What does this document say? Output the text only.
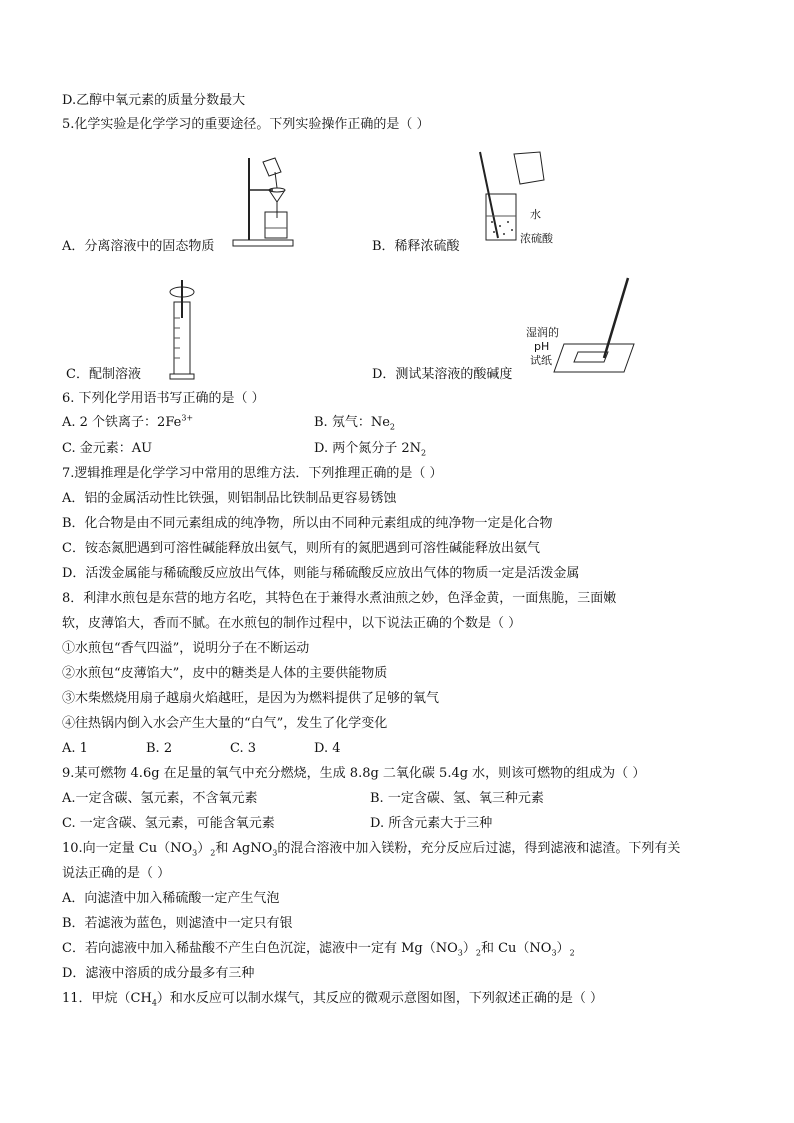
D.乙醇中氧元素的质量分数最大
5.化学实验是化学学习的重要途径。下列实验操作正确的是（ ）
A．分离溶液中的固态物质
水
浓硫酸
B．稀释浓硫酸
C．配制溶液
湿润的
pH
试纸
D．测试某溶液的酸碱度
6. 下列化学用语书写正确的是（ ）
A. 2 个铁离子：$2Fe^{3+}$	B. 氖气：$Ne_2$
C. 金元素：AU	D. 两个氮分子 $2N_2$
7.逻辑推理是化学学习中常用的思维方法．下列推理正确的是（ ）
A．铝的金属活动性比铁强，则铝制品比铁制品更容易锈蚀
B．化合物是由不同元素组成的纯净物，所以由不同种元素组成的纯净物一定是化合物
C．铵态氮肥遇到可溶性碱能释放出氨气，则所有的氮肥遇到可溶性碱能释放出氨气
D．活泼金属能与稀硫酸反应放出气体，则能与稀硫酸反应放出气体的物质一定是活泼金属
8．利津水煎包是东营的地方名吃，其特色在于兼得水煮油煎之妙，色泽金黄，一面焦脆，三面嫩
软，皮薄馅大，香而不腻。在水煎包的制作过程中，以下说法正确的个数是（ ）
①水煎包“香气四溢”，说明分子在不断运动
②水煎包“皮薄馅大”，皮中的糖类是人体的主要供能物质
③木柴燃烧用扇子越扇火焰越旺，是因为为燃料提供了足够的氧气
④往热锅内倒入水会产生大量的“白气”，发生了化学变化
A. 1	B. 2	C. 3	D. 4
9.某可燃物 4.6g 在足量的氧气中充分燃烧，生成 8.8g 二氧化碳 5.4g 水，则该可燃物的组成为（ ）
A.一定含碳、氢元素，不含氧元素	B. 一定含碳、氢、氧三种元素
C. 一定含碳、氢元素，可能含氧元素	D. 所含元素大于三种
10.向一定量 $Cu(NO_3)_2$和 AgNO$_3$的混合溶液中加入镁粉，充分反应后过滤，得到滤液和滤渣。下列有关
说法正确的是（ ）
A．向滤渣中加入稀硫酸一定产生气泡
B．若滤液为蓝色，则滤渣中一定只有银
C．若向滤液中加入稀盐酸不产生白色沉淀，滤液中一定有 $Mg(NO_3)_2$和 $Cu(NO_3)_2$
D．滤液中溶质的成分最多有三种
11．甲烷$(CH_4)$和水反应可以制水煤气，其反应的微观示意图如图，下列叙述正确的是（ ）
